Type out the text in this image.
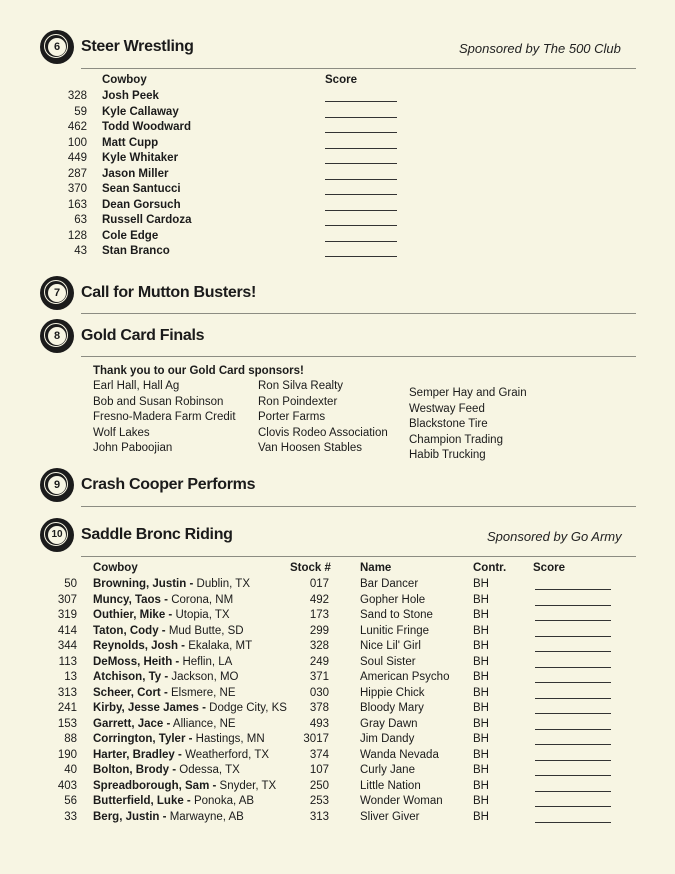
6	Steer Wrestling	Sponsored by The 500 Club
Cowboy	Score
328 Josh Peek
59 Kyle Callaway
462 Todd Woodward
100 Matt Cupp
449 Kyle Whitaker
287 Jason Miller
370 Sean Santucci
163 Dean Gorsuch
63 Russell Cardoza
128 Cole Edge
43 Stan Branco
7	Call for Mutton Busters!
8	Gold Card Finals
Thank you to our Gold Card sponsors!
Earl Hall, Hall Ag
Bob and Susan Robinson
Fresno-Madera Farm Credit
Wolf Lakes
John Paboojian
Ron Silva Realty
Ron Poindexter
Porter Farms
Clovis Rodeo Association
Van Hoosen Stables
Semper Hay and Grain
Westway Feed
Blackstone Tire
Champion Trading
Habib Trucking
9	Crash Cooper Performs
10 Saddle Bronc Riding	Sponsored by Go Army
Cowboy	Stock #	Name	Contr. Score
50 Browning, Justin - Dublin, TX	017	Bar Dancer	BH
307 Muncy, Taos - Corona, NM	492	Gopher Hole	BH
319 Outhier, Mike - Utopia, TX	173	Sand to Stone	BH
414 Taton, Cody - Mud Butte, SD	299	Lunitic Fringe	BH
344 Reynolds, Josh - Ekalaka, MT	328	Nice Lil' Girl	BH
113 DeMoss, Heith - Heflin, LA	249	Soul Sister	BH
13 Atchison, Ty - Jackson, MO	371	American Psycho BH
313 Scheer, Cort - Elsmere, NE	030	Hippie Chick	BH
241 Kirby, Jesse James - Dodge City, KS	378	Bloody Mary	BH
153 Garrett, Jace - Alliance, NE	493	Gray Dawn	BH
88 Corrington, Tyler - Hastings, MN	3017	Jim Dandy	BH
190 Harter, Bradley - Weatherford, TX	374	Wanda Nevada	BH
40 Bolton, Brody - Odessa, TX	107	Curly Jane	BH
403 Spreadborough, Sam - Snyder, TX	250	Little Nation	BH
56 Butterfield, Luke - Ponoka, AB	253	Wonder Woman	BH
33 Berg, Justin - Marwayne, AB	313	Sliver Giver	BH
